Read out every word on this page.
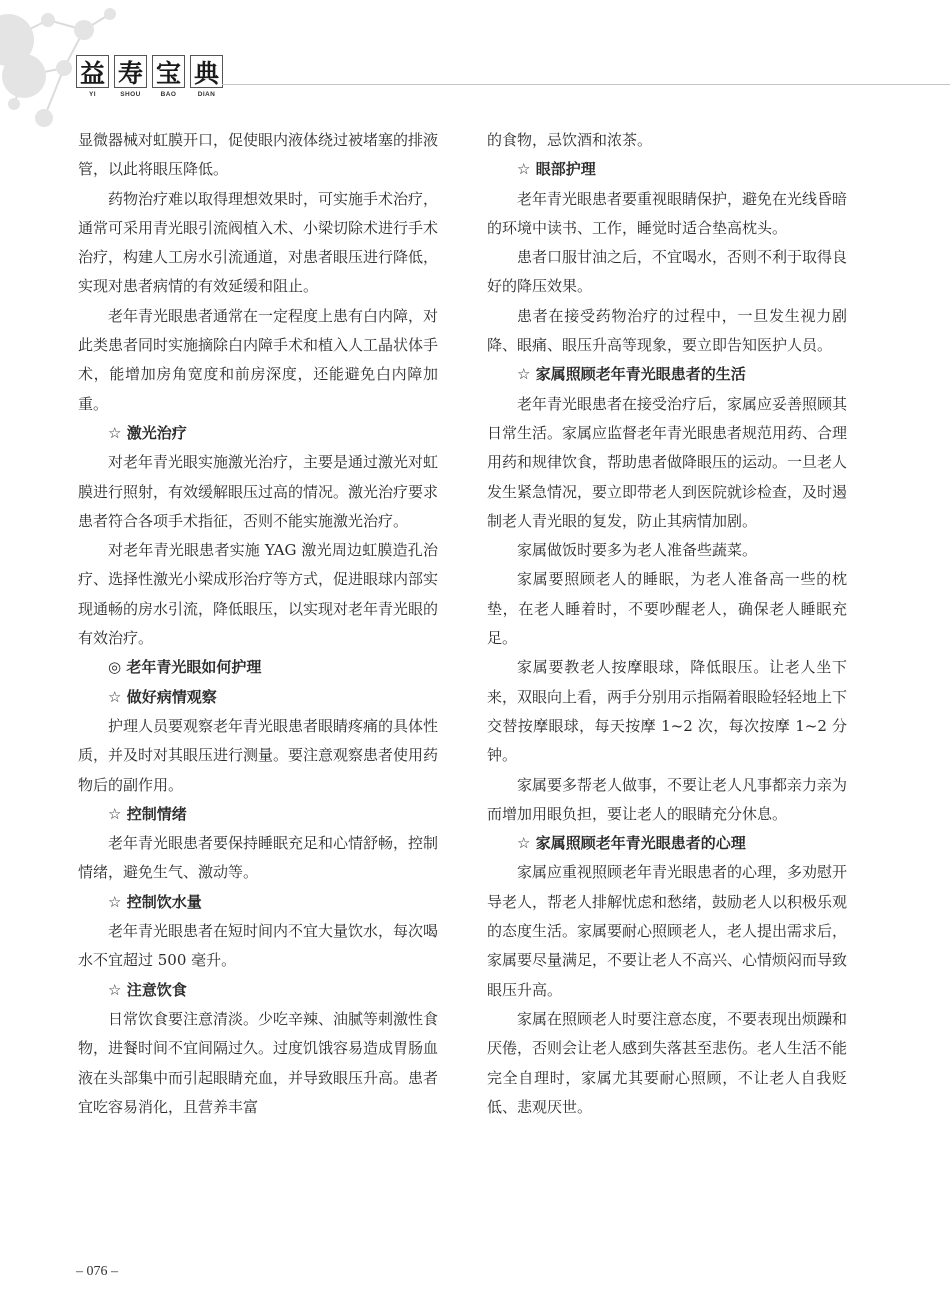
益 寿 宝 典
YI	SHOU	BAO	DIAN
显微器械对虹膜开口，促使眼内液体绕过被堵塞的排液管，以此将眼压降低。
药物治疗难以取得理想效果时，可实施手术治疗，通常可采用青光眼引流阀植入术、小梁切除术进行手术治疗，构建人工房水引流通道，对患者眼压进行降低，实现对患者病情的有效延缓和阻止。
老年青光眼患者通常在一定程度上患有白内障，对此类患者同时实施摘除白内障手术和植入人工晶状体手术，能增加房角宽度和前房深度，还能避免白内障加重。
☆ 激光治疗
对老年青光眼实施激光治疗，主要是通过激光对虹膜进行照射，有效缓解眼压过高的情况。激光治疗要求患者符合各项手术指征，否则不能实施激光治疗。
对老年青光眼患者实施 YAG 激光周边虹膜造孔治疗、选择性激光小梁成形治疗等方式，促进眼球内部实现通畅的房水引流，降低眼压，以实现对老年青光眼的有效治疗。
◎ 老年青光眼如何护理
☆ 做好病情观察
护理人员要观察老年青光眼患者眼睛疼痛的具体性质，并及时对其眼压进行测量。要注意观察患者使用药物后的副作用。
☆ 控制情绪
老年青光眼患者要保持睡眠充足和心情舒畅，控制情绪，避免生气、激动等。
☆ 控制饮水量
老年青光眼患者在短时间内不宜大量饮水，每次喝水不宜超过 500 毫升。
☆ 注意饮食
日常饮食要注意清淡。少吃辛辣、油腻等刺激性食物，进餐时间不宜间隔过久。过度饥饿容易造成胃肠血液在头部集中而引起眼睛充血，并导致眼压升高。患者宜吃容易消化，且营养丰富
的食物，忌饮酒和浓茶。
☆ 眼部护理
老年青光眼患者要重视眼睛保护，避免在光线昏暗的环境中读书、工作，睡觉时适合垫高枕头。
患者口服甘油之后，不宜喝水，否则不利于取得良好的降压效果。
患者在接受药物治疗的过程中，一旦发生视力剧降、眼痛、眼压升高等现象，要立即告知医护人员。
☆ 家属照顾老年青光眼患者的生活
老年青光眼患者在接受治疗后，家属应妥善照顾其日常生活。家属应监督老年青光眼患者规范用药、合理用药和规律饮食，帮助患者做降眼压的运动。一旦老人发生紧急情况，要立即带老人到医院就诊检查，及时遏制老人青光眼的复发，防止其病情加剧。
家属做饭时要多为老人准备些蔬菜。
家属要照顾老人的睡眠，为老人准备高一些的枕垫，在老人睡着时，不要吵醒老人，确保老人睡眠充足。
家属要教老人按摩眼球，降低眼压。让老人坐下来，双眼向上看，两手分别用示指隔着眼睑轻轻地上下交替按摩眼球，每天按摩 1~2 次，每次按摩 1~2 分钟。
家属要多帮老人做事，不要让老人凡事都亲力亲为而增加用眼负担，要让老人的眼睛充分休息。
☆ 家属照顾老年青光眼患者的心理
家属应重视照顾老年青光眼患者的心理，多劝慰开导老人，帮老人排解忧虑和愁绪，鼓励老人以积极乐观的态度生活。家属要耐心照顾老人，老人提出需求后，家属要尽量满足，不要让老人不高兴、心情烦闷而导致眼压升高。
家属在照顾老人时要注意态度，不要表现出烦躁和厌倦，否则会让老人感到失落甚至悲伤。老人生活不能完全自理时，家属尤其要耐心照顾，不让老人自我贬低、悲观厌世。
– 076 –
